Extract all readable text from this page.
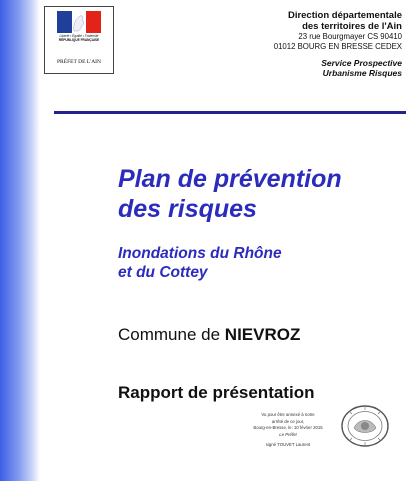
Liberté • Égalité • Fraternité
RÉPUBLIQUE FRANÇAISE
PRÉFET DE L'AIN
Direction départementale
des territoires de l'Ain
23 rue Bourgmayer CS 90410
01012 BOURG EN BRESSE CEDEX
Service Prospective
Urbanisme Risques
Plan de prévention
des risques
Inondations du Rhône
et du Cottey
Commune de NIEVROZ
Rapport de présentation
Vu pour être annexé à notre
arrêté de ce jour,
Bourg-en-Bresse, le: 10 février 2015
Le Préfet
signé TOUVET Laurent
